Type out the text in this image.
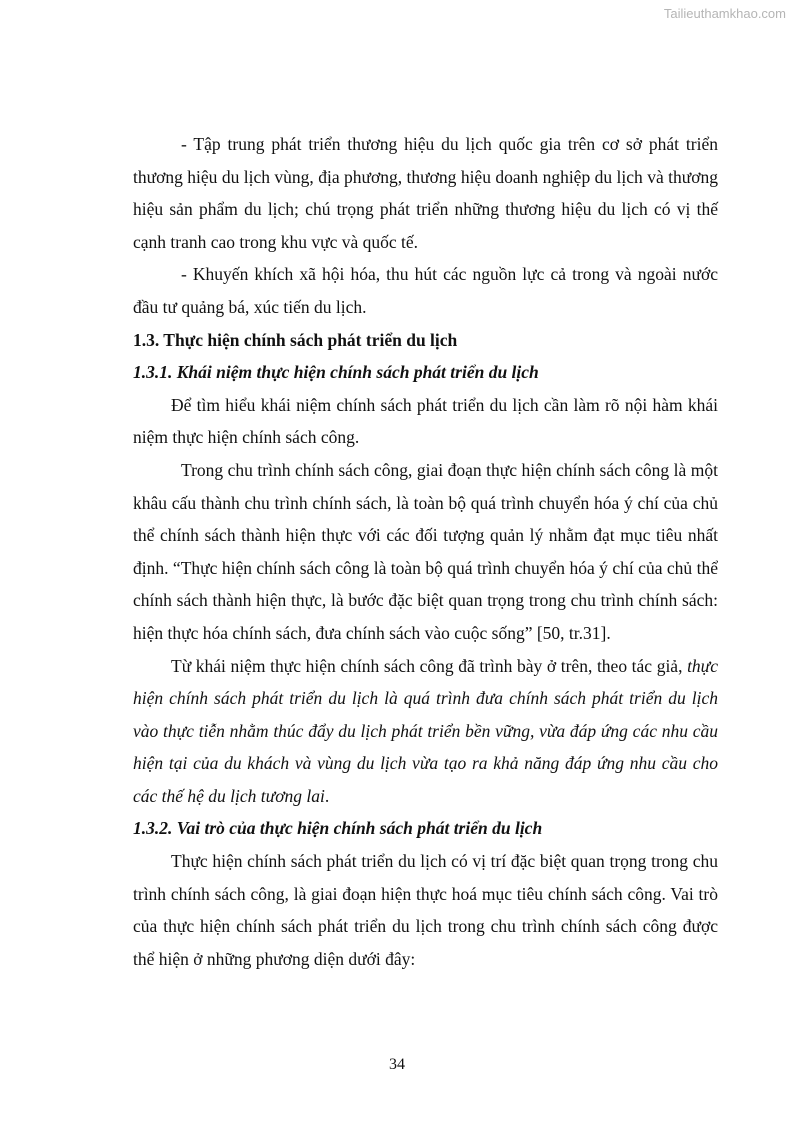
Tailieuthamkhao.com

- Tập trung phát triển thương hiệu du lịch quốc gia trên cơ sở phát triển thương hiệu du lịch vùng, địa phương, thương hiệu doanh nghiệp du lịch và thương hiệu sản phẩm du lịch; chú trọng phát triển những thương hiệu du lịch có vị thế cạnh tranh cao trong khu vực và quốc tế.

- Khuyến khích xã hội hóa, thu hút các nguồn lực cả trong và ngoài nước đầu tư quảng bá, xúc tiến du lịch.

1.3. Thực hiện chính sách phát triển du lịch
1.3.1. Khái niệm thực hiện chính sách phát triển du lịch

Để tìm hiểu khái niệm chính sách phát triển du lịch cần làm rõ nội hàm khái niệm thực hiện chính sách công.

Trong chu trình chính sách công, giai đoạn thực hiện chính sách công là một khâu cấu thành chu trình chính sách, là toàn bộ quá trình chuyển hóa ý chí của chủ thể chính sách thành hiện thực với các đối tượng quản lý nhằm đạt mục tiêu nhất định. “Thực hiện chính sách công là toàn bộ quá trình chuyển hóa ý chí của chủ thể chính sách thành hiện thực, là bước đặc biệt quan trọng trong chu trình chính sách: hiện thực hóa chính sách, đưa chính sách vào cuộc sống” [50, tr.31].

Từ khái niệm thực hiện chính sách công đã trình bày ở trên, theo tác giả, thực hiện chính sách phát triển du lịch là quá trình đưa chính sách phát triển du lịch vào thực tiễn nhằm thúc đẩy du lịch phát triển bền vững, vừa đáp ứng các nhu cầu hiện tại của du khách và vùng du lịch vừa tạo ra khả năng đáp ứng nhu cầu cho các thế hệ du lịch tương lai.

1.3.2. Vai trò của thực hiện chính sách phát triển du lịch

Thực hiện chính sách phát triển du lịch có vị trí đặc biệt quan trọng trong chu trình chính sách công, là giai đoạn hiện thực hoá mục tiêu chính sách công. Vai trò của thực hiện chính sách phát triển du lịch trong chu trình chính sách công được thể hiện ở những phương diện dưới đây:

34
